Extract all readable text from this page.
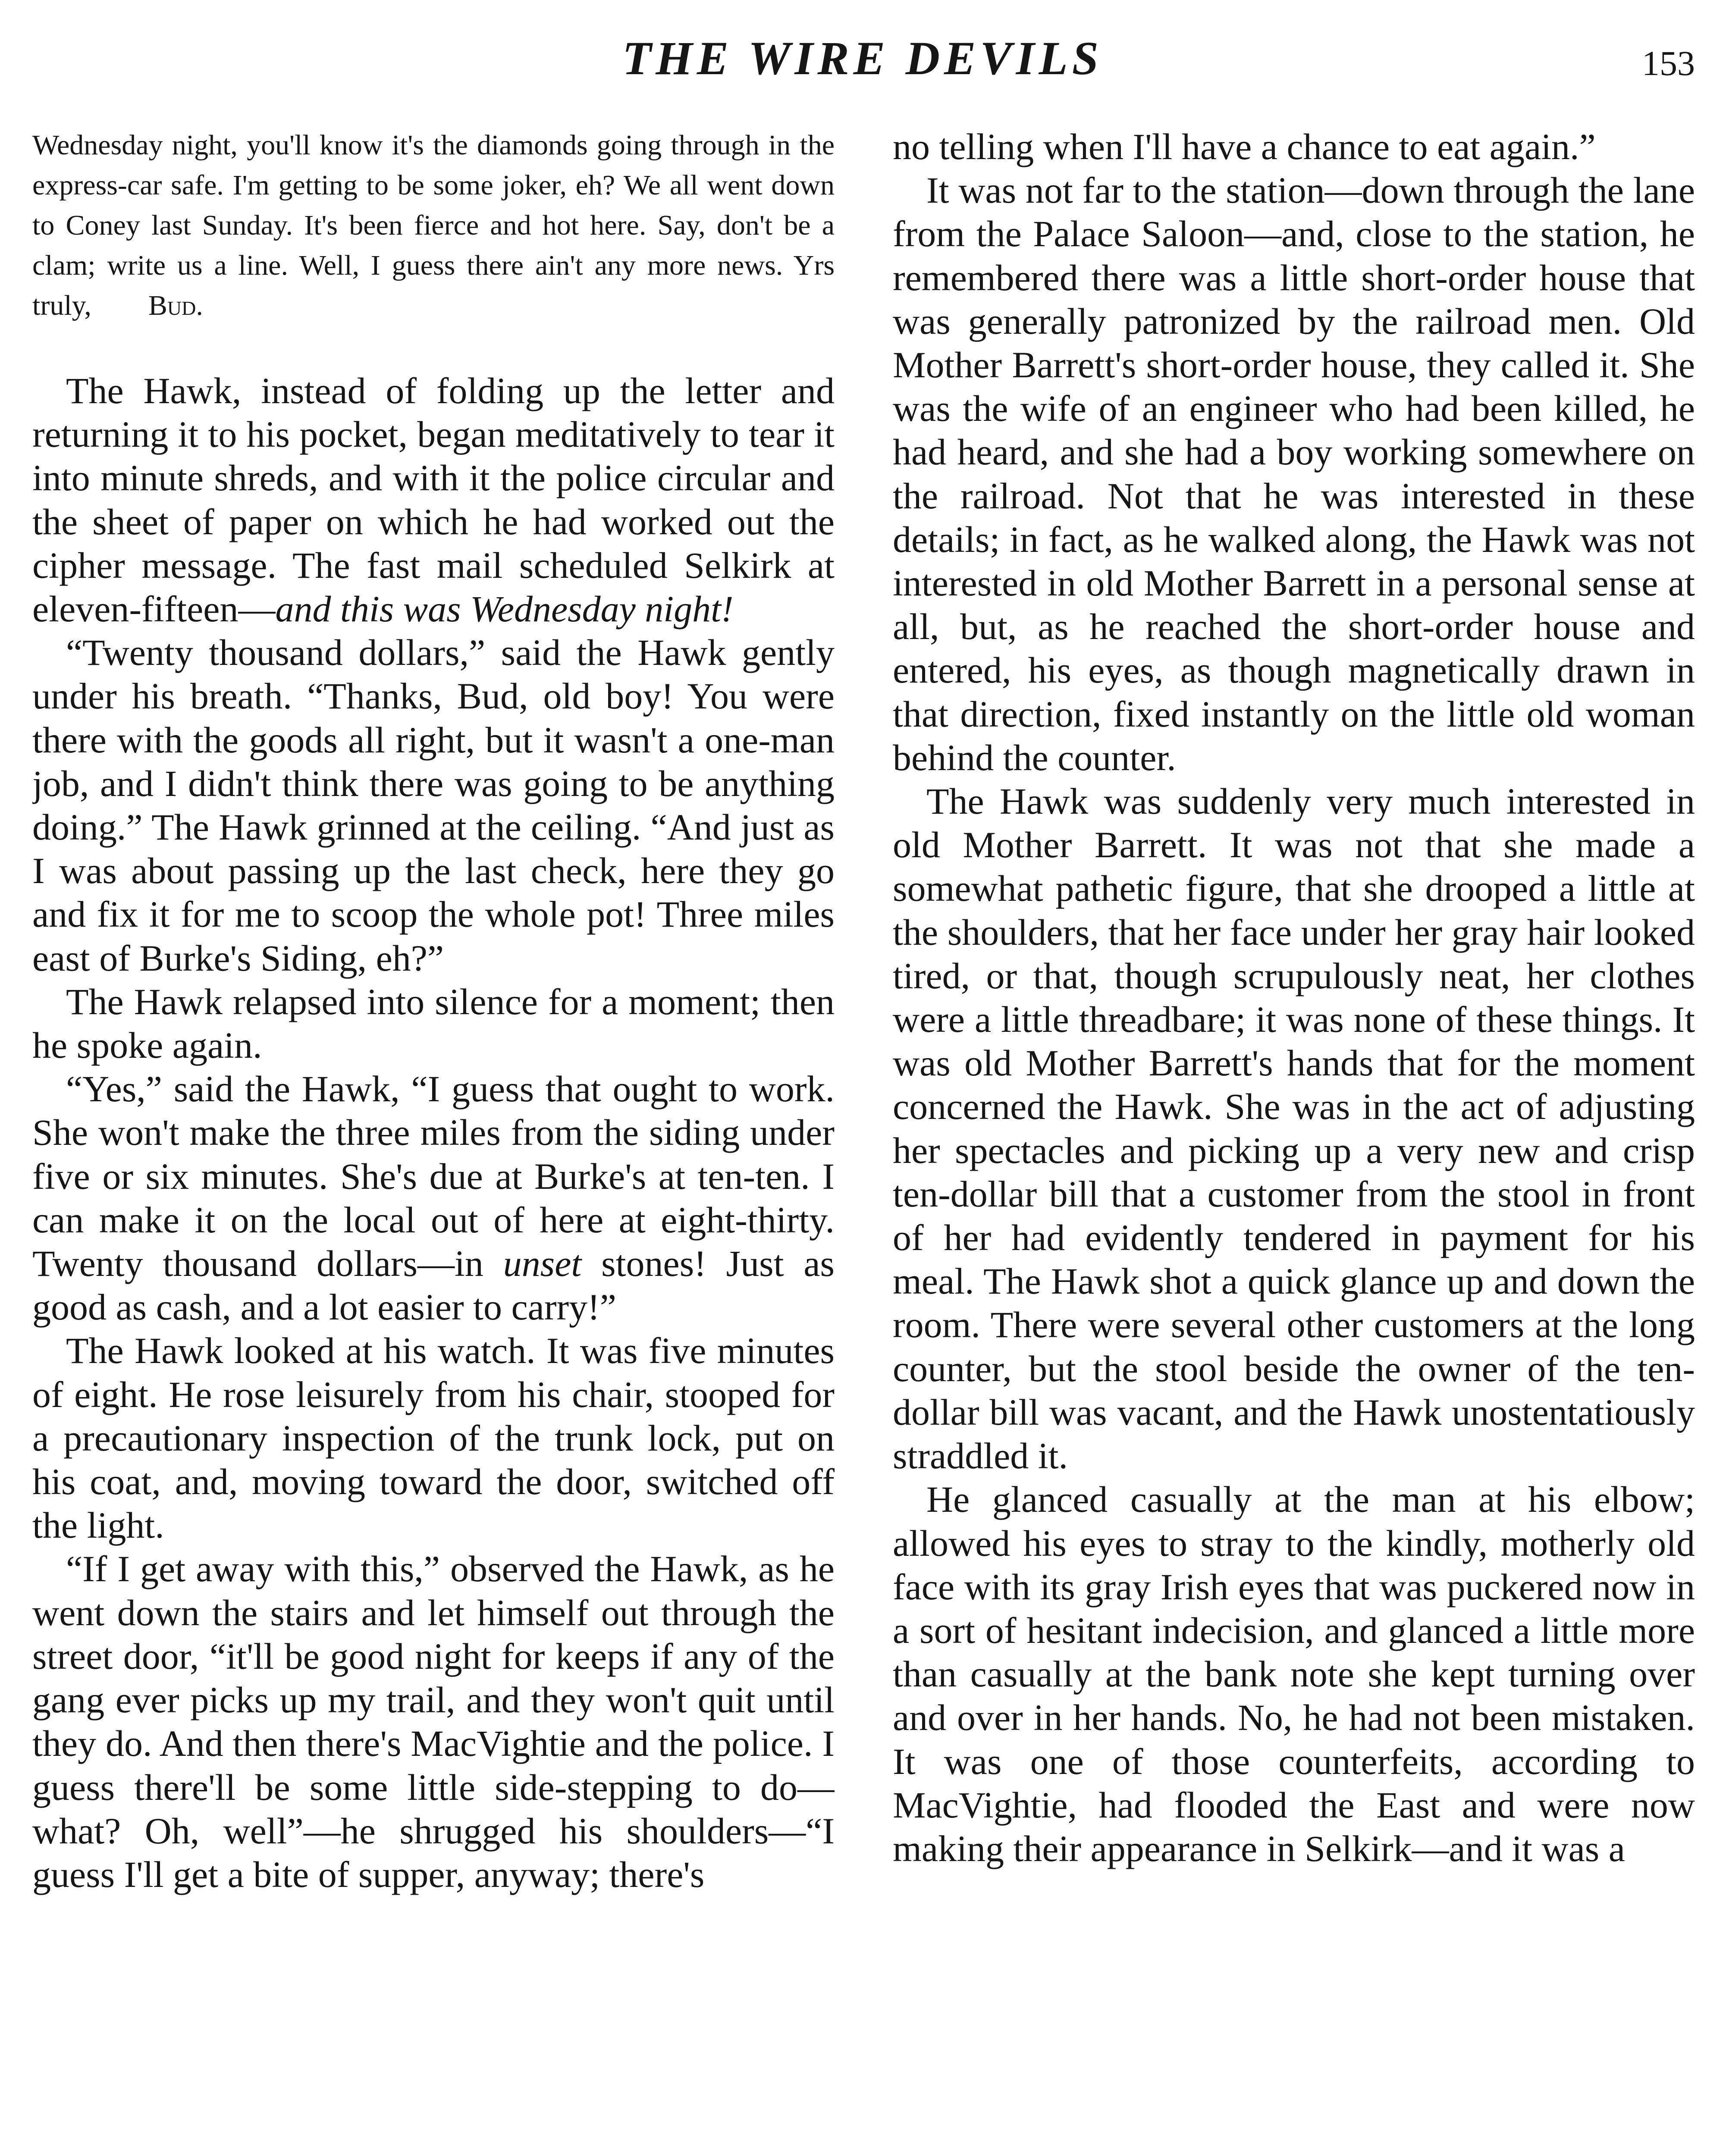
THE WIRE DEVILS	153

Wednesday night, you'll know it's the diamonds going through in the express-car safe. I'm getting to be some joker, eh? We all went down to Coney last Sunday. It's been fierce and hot here. Say, don't be a clam; write us a line. Well, I guess there ain't any more news. Yrs truly,   Bud.

The Hawk, instead of folding up the letter and returning it to his pocket, began meditatively to tear it into minute shreds, and with it the police circular and the sheet of paper on which he had worked out the cipher message. The fast mail scheduled Selkirk at eleven-fifteen—and this was Wednesday night!

“Twenty thousand dollars,” said the Hawk gently under his breath. “Thanks, Bud, old boy! You were there with the goods all right, but it wasn't a one-man job, and I didn't think there was going to be anything doing.” The Hawk grinned at the ceiling. “And just as I was about passing up the last check, here they go and fix it for me to scoop the whole pot! Three miles east of Burke's Siding, eh?”

The Hawk relapsed into silence for a moment; then he spoke again.

“Yes,” said the Hawk, “I guess that ought to work. She won't make the three miles from the siding under five or six minutes. She's due at Burke's at ten-ten. I can make it on the local out of here at eight-thirty. Twenty thousand dollars—in unset stones! Just as good as cash, and a lot easier to carry!”

The Hawk looked at his watch. It was five minutes of eight. He rose leisurely from his chair, stooped for a precautionary inspection of the trunk lock, put on his coat, and, moving toward the door, switched off the light.

“If I get away with this,” observed the Hawk, as he went down the stairs and let himself out through the street door, “it'll be good night for keeps if any of the gang ever picks up my trail, and they won't quit until they do. And then there's MacVightie and the police. I guess there'll be some little side-stepping to do—what? Oh, well”—he shrugged his shoulders—“I guess I'll get a bite of supper, anyway; there's

no telling when I'll have a chance to eat again.”

It was not far to the station—down through the lane from the Palace Saloon—and, close to the station, he remembered there was a little short-order house that was generally patronized by the railroad men. Old Mother Barrett's short-order house, they called it. She was the wife of an engineer who had been killed, he had heard, and she had a boy working somewhere on the railroad. Not that he was interested in these details; in fact, as he walked along, the Hawk was not interested in old Mother Barrett in a personal sense at all, but, as he reached the short-order house and entered, his eyes, as though magnetically drawn in that direction, fixed instantly on the little old woman behind the counter.

The Hawk was suddenly very much interested in old Mother Barrett. It was not that she made a somewhat pathetic figure, that she drooped a little at the shoulders, that her face under her gray hair looked tired, or that, though scrupulously neat, her clothes were a little threadbare; it was none of these things. It was old Mother Barrett's hands that for the moment concerned the Hawk. She was in the act of adjusting her spectacles and picking up a very new and crisp ten-dollar bill that a customer from the stool in front of her had evidently tendered in payment for his meal. The Hawk shot a quick glance up and down the room. There were several other customers at the long counter, but the stool beside the owner of the ten-dollar bill was vacant, and the Hawk unostentatiously straddled it.

He glanced casually at the man at his elbow; allowed his eyes to stray to the kindly, motherly old face with its gray Irish eyes that was puckered now in a sort of hesitant indecision, and glanced a little more than casually at the bank note she kept turning over and over in her hands. No, he had not been mistaken. It was one of those counterfeits, according to MacVightie, had flooded the East and were now making their appearance in Selkirk—and it was a
